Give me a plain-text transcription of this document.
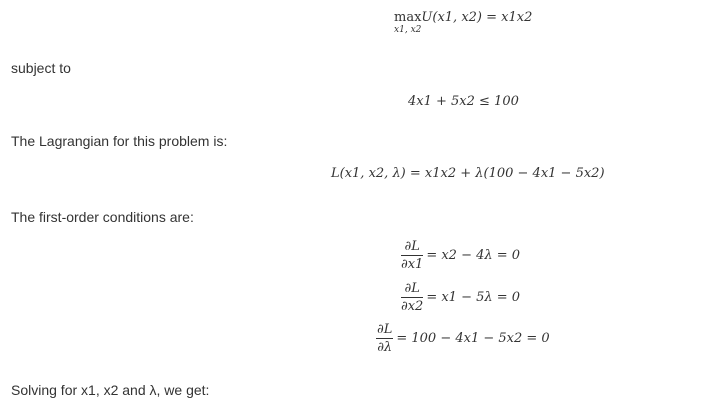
max
x1, x2
U(x1, x2) = x1x2
subject to
4x1 + 5x2 ≤ 100
The Lagrangian for this problem is:
L(x1, x2, λ) = x1x2 + λ(100 − 4x1 − 5x2)
The first-order conditions are:
$\frac{\partial L}{\partial x1} = x2 - 4\lambda = 0$
$\frac{\partial L}{\partial x2} = x1 - 5\lambda = 0$
$\frac{\partial L}{\partial\lambda} = 100 - 4x1 - 5x2 = 0$
Solving for x1, x2 and λ, we get:
